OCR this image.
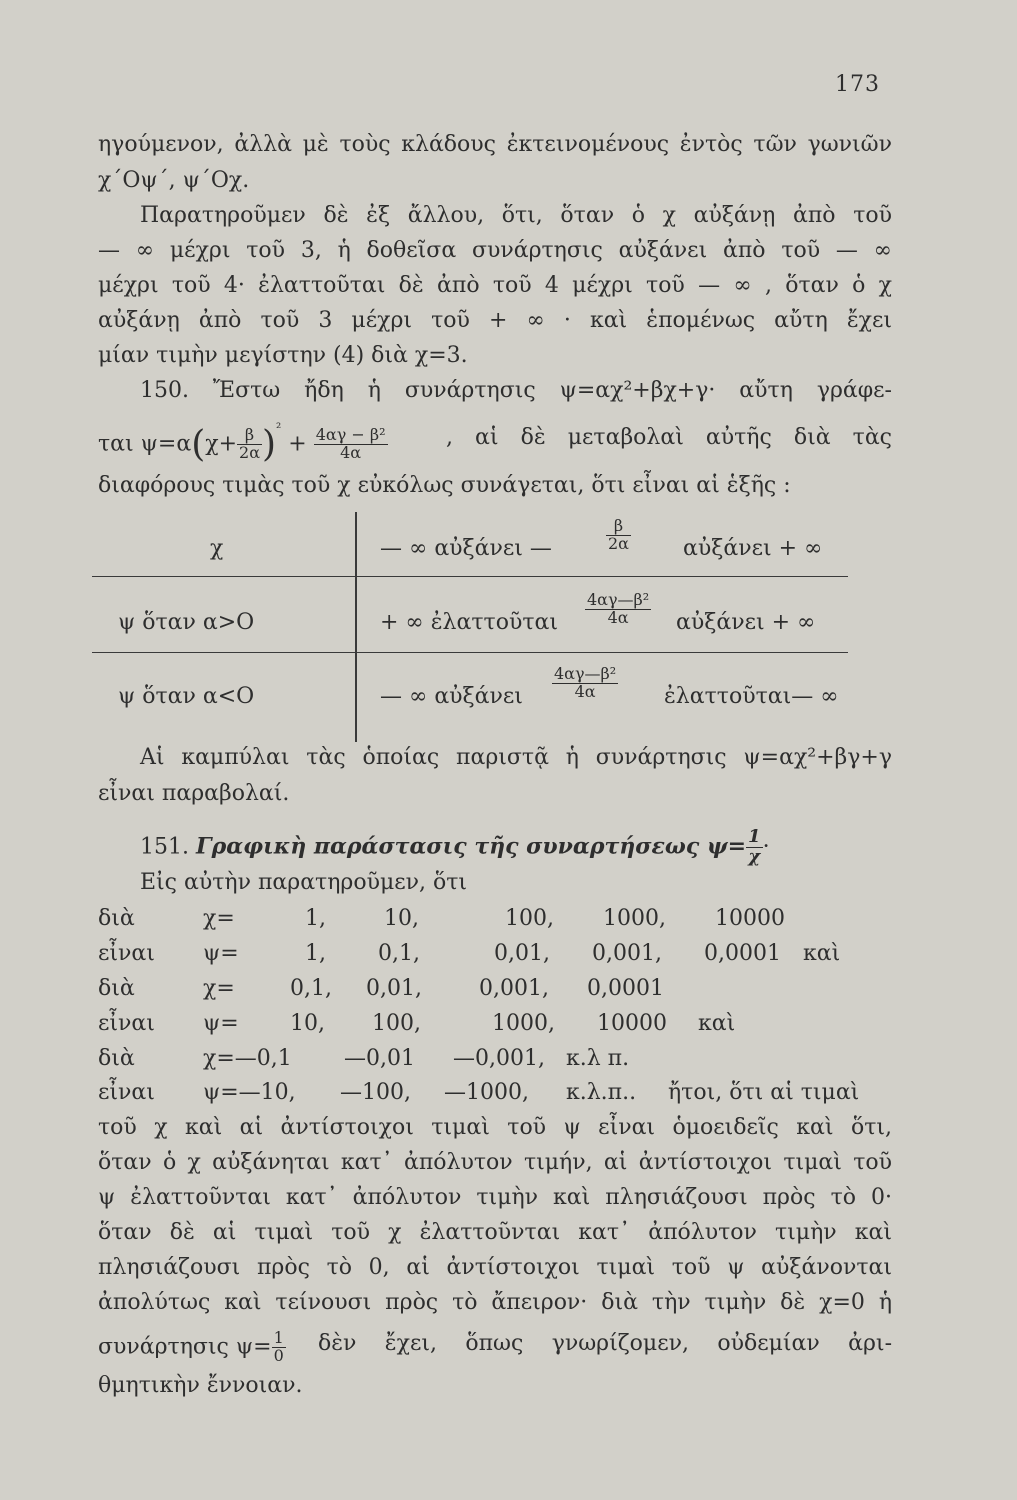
173
ηγούμενον, ἀλλὰ μὲ τοὺς κλάδους ἐκτεινομένους ἐντὸς τῶν γωνιῶν
χ΄Οψ΄, ψ΄Οχ.
Παρατηροῦμεν δὲ ἐξ ἄλλου, ὅτι, ὅταν ὁ χ αὐξάνῃ ἀπὸ τοῦ
— ∞ μέχρι τοῦ 3, ἡ δοθεῖσα συνάρτησις αὐξάνει ἀπὸ τοῦ — ∞
μέχρι τοῦ 4· ἐλαττοῦται δὲ ἀπὸ τοῦ 4 μέχρι τοῦ — ∞ , ὅταν ὁ χ
αὐξάνῃ ἀπὸ τοῦ 3 μέχρι τοῦ + ∞ · καὶ ἑπομένως αὔτη ἔχει
μίαν τιμὴν μεγίστην (4) διὰ χ=3.
150. Ἔστω ἤδη ἡ συνάρτησις ψ=αχ²+βχ+γ· αὔτη γράφε-
ται $\psi=\alpha(\chi+ \frac{\beta}{2\alpha} )^{^2} + \frac{\text{4αγ − β²}}{4\alpha}$	, αἱ δὲ μεταβολαὶ αὐτῆς διὰ τὰς
διαφόρους τιμὰς τοῦ χ εὐκόλως συνάγεται, ὅτι εἶναι αἱ ἑξῆς :
χ	— ∞ αὐξάνει —	$\frac{\beta}{2\alpha}$ αὐξάνει + ∞
ψ ὅταν α>Ο	+ ∞ ἐλαττοῦται $\frac{\text{4αγ—β²}}{4\alpha}$ αὐξάνει + ∞
ψ ὅταν α<Ο	— ∞ αὐξάνει $\frac{\text{4αγ—β²}}{4\alpha}$ ἐλαττοῦται— ∞
Αἱ καμπύλαι τὰς ὁποίας παριστᾷ ἡ συνάρτησις ψ=αχ²+βγ+γ
εἶναι παραβολαί.
151. Γραφικὴ παράστασις τῆς συναρτήσεως $\psi= \frac{1}{\chi}$ ·
Εἰς αὐτὴν παρατηροῦμεν, ὅτι
διὰ	χ=	1,	10,	100, 1000, 10000
εἶναι ψ=	1, 0,1,	0,01, 0,001, 0,0001 καὶ
διὰ	χ=	0,1, 0,01,	0,001, 0,0001
εἶναι ψ= 10, 100,	1000, 10000 καὶ
διὰ	χ=—0,1 —0,01 —0,001, κ.λ π.
εἶναι ψ=—10, —100, —1000, κ.λ.π.. ἤτοι, ὅτι αἱ τιμαὶ
τοῦ χ καὶ αἱ ἀντίστοιχοι τιμαὶ τοῦ ψ εἶναι ὁμοειδεῖς καὶ ὅτι,
ὅταν ὁ χ αὐξάνηται κατ᾽ ἀπόλυτον τιμήν, αἱ ἀντίστοιχοι τιμαὶ τοῦ
ψ ἐλαττοῦνται κατ᾽ ἀπόλυτον τιμὴν καὶ πλησιάζουσι πρὸς τὸ 0·
ὅταν δὲ αἱ τιμαὶ τοῦ χ ἐλαττοῦνται κατ᾽ ἀπόλυτον τιμὴν καὶ
πλησιάζουσι πρὸς τὸ 0, αἱ ἀντίστοιχοι τιμαὶ τοῦ ψ αὐξάνονται
ἀπολύτως καὶ τείνουσι πρὸς τὸ ἄπειρον· διὰ τὴν τιμὴν δὲ χ=0 ἡ
συνάρτησις $\psi= \frac{1}{0}$ δὲν ἔχει, ὅπως γνωρίζομεν, οὐδεμίαν ἀρι-
θμητικὴν ἔννοιαν.
